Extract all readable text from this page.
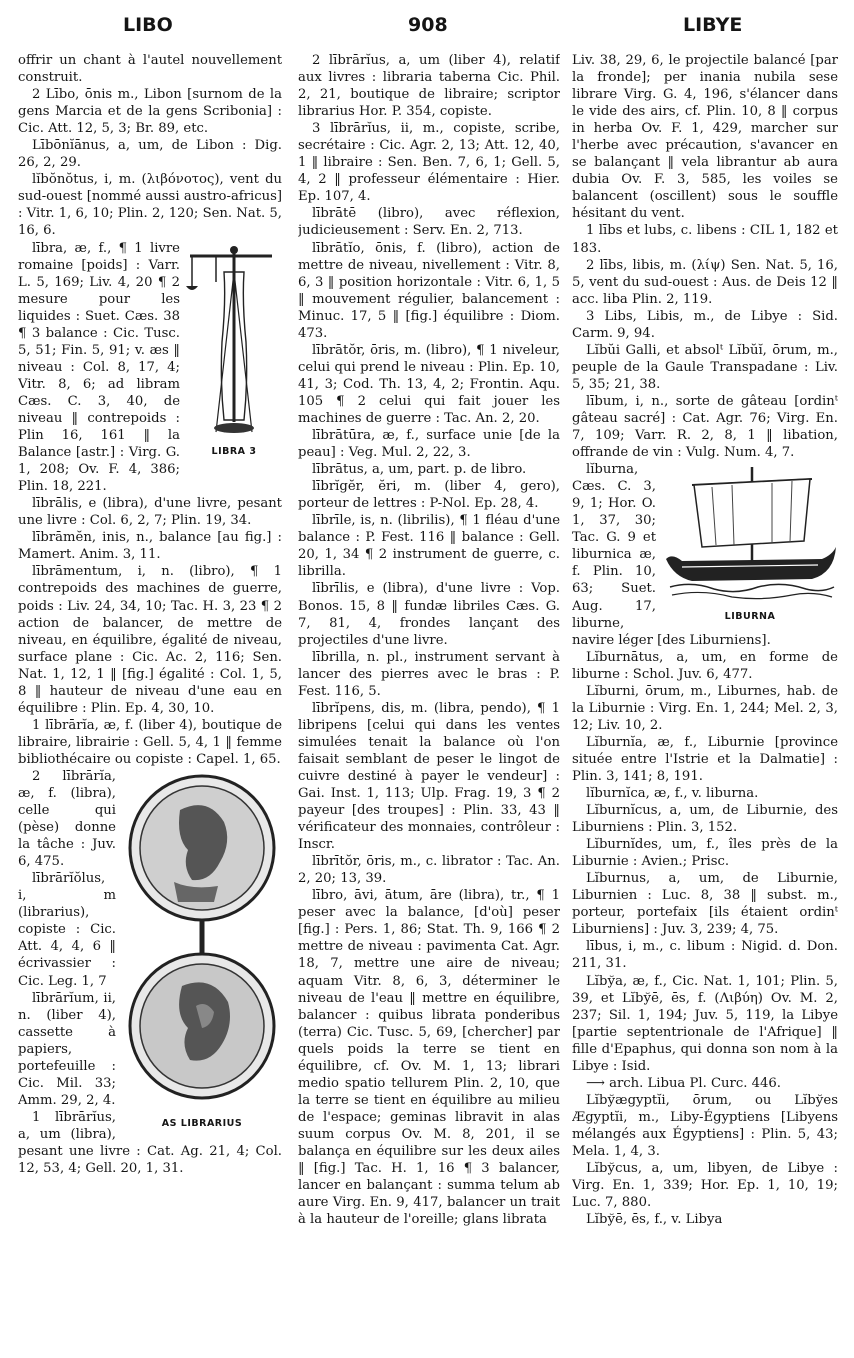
LIBO	908	LIBYE

offrir un chant à l'autel nouvellement construit.

2 Lībo, ōnis m., Libon [surnom de la gens Marcia et de la gens Scribonia] : Cic. Att. 12, 5, 3; Br. 89, etc.

Lībōnĭānus, a, um, de Libon : Dig. 26, 2, 29.

lĭbŏnŏtus, i, m. (λιβόνοτος), vent du sud-ouest [nommé aussi austro-africus] : Vitr. 1, 6, 10; Plin. 2, 120; Sen. Nat. 5, 16, 6.

LIBRA 3

lībra, æ, f., ¶ 1 livre romaine [poids] : Varr. L. 5, 169; Liv. 4, 20 ¶ 2 mesure pour les liquides : Suet. Cæs. 38 ¶ 3 balance : Cic. Tusc. 5, 51; Fin. 5, 91; v. æs ‖ niveau : Col. 8, 17, 4; Vitr. 8, 6; ad libram Cæs. C. 3, 40, de niveau ‖ contrepoids : Plin 16, 161 ‖ la Balance [astr.] : Virg. G. 1, 208; Ov. F. 4, 386; Plin. 18, 221.

lībrālis, e (libra), d'une livre, pesant une livre : Col. 6, 2, 7; Plin. 19, 34.

lībrāmĕn, inis, n., balance [au fig.] : Mamert. Anim. 3, 11.

lībrāmentum, i, n. (libro), ¶ 1 contrepoids des machines de guerre, poids : Liv. 24, 34, 10; Tac. H. 3, 23 ¶ 2 action de balancer, de mettre de niveau, en équilibre, égalité de niveau, surface plane : Cic. Ac. 2, 116; Sen. Nat. 1, 12, 1 ‖ [fig.] égalité : Col. 1, 5, 8 ‖ hauteur de niveau d'une eau en équilibre : Plin. Ep. 4, 30, 10.

1 lībrārĭa, æ, f. (liber 4), boutique de libraire, librairie : Gell. 5, 4, 1 ‖ femme bibliothécaire ou copiste : Capel. 1, 65.

AS LIBRARIUS

2 lībrārĭa, æ, f. (libra), celle qui (pèse) donne la tâche : Juv. 6, 475.

lībrārĭŏlus, i, m (librarius), copiste : Cic. Att. 4, 4, 6 ‖ écrivassier : Cic. Leg. 1, 7

lībrārĭum, ii, n. (liber 4), cassette à papiers, portefeuille : Cic. Mil. 33; Amm. 29, 2, 4.

1 lībrārĭus, a, um (libra), pesant une livre : Cat. Ag. 21, 4; Col. 12, 53, 4; Gell. 20, 1, 31.

2 lībrārĭus, a, um (liber 4), relatif aux livres : libraria taberna Cic. Phil. 2, 21, boutique de libraire; scriptor librarius Hor. P. 354, copiste.

3 lībrārĭus, ii, m., copiste, scribe, secrétaire : Cic. Agr. 2, 13; Att. 12, 40, 1 ‖ libraire : Sen. Ben. 7, 6, 1; Gell. 5, 4, 2 ‖ professeur élémentaire : Hier. Ep. 107, 4.

lībrātē (libro), avec réflexion, judicieusement : Serv. En. 2, 713.

lībrātĭo, ōnis, f. (libro), action de mettre de niveau, nivellement : Vitr. 8, 6, 3 ‖ position horizontale : Vitr. 6, 1, 5 ‖ mouvement régulier, balancement : Minuc. 17, 5 ‖ [fig.] équilibre : Diom. 473.

lībrātŏr, ōris, m. (libro), ¶ 1 niveleur, celui qui prend le niveau : Plin. Ep. 10, 41, 3; Cod. Th. 13, 4, 2; Frontin. Aqu. 105 ¶ 2 celui qui fait jouer les machines de guerre : Tac. An. 2, 20.

lībrātūra, æ, f., surface unie [de la peau] : Veg. Mul. 2, 22, 3.

lībrātus, a, um, part. p. de libro.

lībrĭgĕr, ĕri, m. (liber 4, gero), porteur de lettres : P-Nol. Ep. 28, 4.

lībrīle, is, n. (librilis), ¶ 1 fléau d'une balance : P. Fest. 116 ‖ balance : Gell. 20, 1, 34 ¶ 2 instrument de guerre, c. librilla.

lībrīlis, e (libra), d'une livre : Vop. Bonos. 15, 8 ‖ fundæ libriles Cæs. G. 7, 81, 4, frondes lançant des projectiles d'une livre.

lībrilla, n. pl., instrument servant à lancer des pierres avec le bras : P. Fest. 116, 5.

lībrĭpens, dis, m. (libra, pendo), ¶ 1 libripens [celui qui dans les ventes simulées tenait la balance où l'on faisait semblant de peser le lingot de cuivre destiné à payer le vendeur] : Gai. Inst. 1, 113; Ulp. Frag. 19, 3 ¶ 2 payeur [des troupes] : Plin. 33, 43 ‖ vérificateur des monnaies, contrôleur : Inscr.

lībrītŏr, ōris, m., c. librator : Tac. An. 2, 20; 13, 39.

lībro, āvi, ātum, āre (libra), tr., ¶ 1 peser avec la balance, [d'où] peser [fig.] : Pers. 1, 86; Stat. Th. 9, 166 ¶ 2 mettre de niveau : pavimenta Cat. Agr. 18, 7, mettre une aire de niveau; aquam Vitr. 8, 6, 3, déterminer le niveau de l'eau ‖ mettre en équilibre, balancer : quibus librata ponderibus (terra) Cic. Tusc. 5, 69, [chercher] par quels poids la terre se tient en équilibre, cf. Ov. M. 1, 13; librari medio spatio tellurem Plin. 2, 10, que la terre se tient en équilibre au milieu de l'espace; geminas libravit in alas suum corpus Ov. M. 8, 201, il se balança en équilibre sur les deux ailes ‖ [fig.] Tac. H. 1, 16 ¶ 3 balancer, lancer en balançant : summa telum ab aure Virg. En. 9, 417, balancer un trait à la hauteur de l'oreille; glans librata

Liv. 38, 29, 6, le projectile balancé [par la fronde]; per inania nubila sese librare Virg. G. 4, 196, s'élancer dans le vide des airs, cf. Plin. 10, 8 ‖ corpus in herba Ov. F. 1, 429, marcher sur l'herbe avec précaution, s'avancer en se balançant ‖ vela librantur ab aura dubia Ov. F. 3, 585, les voiles se balancent (oscillent) sous le souffle hésitant du vent.

1 lībs et lubs, c. libens : CIL 1, 182 et 183.

2 lībs, libis, m. (λίψ) Sen. Nat. 5, 16, 5, vent du sud-ouest : Aus. de Deis 12 ‖ acc. liba Plin. 2, 119.

3 Libs, Libis, m., de Libye : Sid. Carm. 9, 94.

Lĭbŭi Galli, et absolᵗ Lĭbŭĭ, ōrum, m., peuple de la Gaule Transpadane : Liv. 5, 35; 21, 38.

lībum, i, n., sorte de gâteau [ordinᵗ gâteau sacré] : Cat. Agr. 76; Virg. En. 7, 109; Varr. R. 2, 8, 1 ‖ libation, offrande de vin : Vulg. Num. 4, 7.

LIBURNA

lĭburna, Cæs. C. 3, 9, 1; Hor. O. 1, 37, 30; Tac. G. 9 et liburnica æ, f. Plin. 10, 63; Suet. Aug. 17, liburne, navire léger [des Liburniens].

Lĭburnātus, a, um, en forme de liburne : Schol. Juv. 6, 477.

Lĭburni, ōrum, m., Liburnes, hab. de la Liburnie : Virg. En. 1, 244; Mel. 2, 3, 12; Liv. 10, 2.

Lĭburnĭa, æ, f., Liburnie [province située entre l'Istrie et la Dalmatie] : Plin. 3, 141; 8, 191.

lĭburnĭca, æ, f., v. liburna.

Lĭburnĭcus, a, um, de Liburnie, des Liburniens : Plin. 3, 152.

Lĭburnĭdes, um, f., îles près de la Liburnie : Avien.; Prisc.

Lĭburnus, a, um, de Liburnie, Liburnien : Luc. 8, 38 ‖ subst. m., porteur, portefaix [ils étaient ordinᵗ Liburniens] : Juv. 3, 239; 4, 75.

lībus, i, m., c. libum : Nigid. d. Don. 211, 31.

Lĭbўa, æ, f., Cic. Nat. 1, 101; Plin. 5, 39, et Lĭbўē, ēs, f. (Λιβύη) Ov. M. 2, 237; Sil. 1, 194; Juv. 5, 119, la Libye [partie septentrionale de l'Afrique] ‖ fille d'Epaphus, qui donna son nom à la Libye : Isid.

⟶ arch. Libua Pl. Curc. 446.

Lĭbўægyptĭi, ōrum, ou Lĭbўes Ægyptĭi, m., Liby-Égyptiens [Libyens mélangés aux Égyptiens] : Plin. 5, 43; Mela. 1, 4, 3.

Lĭbўcus, a, um, libyen, de Libye : Virg. En. 1, 339; Hor. Ep. 1, 10, 19; Luc. 7, 880.

Lĭbўē, ēs, f., v. Libya
